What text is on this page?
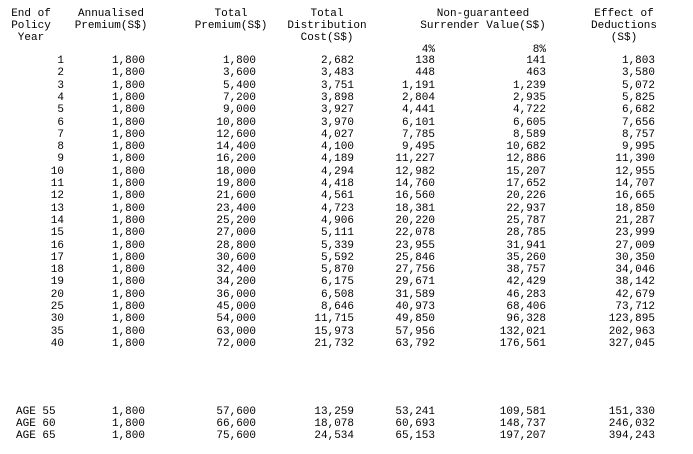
End of
Policy
Year
Annualised
Premium(S$)
Total
Premium(S$)
Total
Distribution
Cost(S$)
Non-guaranteed
Surrender Value(S$)
Effect of
Deductions
(S$)
4%	8%
1	1,800	1,800	2,682	138	141	1,803
2	1,800	3,600	3,483	448	463	3,580
3	1,800	5,400	3,751	1,191	1,239	5,072
4	1,800	7,200	3,898	2,804	2,935	5,825
5	1,800	9,000	3,927	4,441	4,722	6,682
6	1,800	10,800	3,970	6,101	6,605	7,656
7	1,800	12,600	4,027	7,785	8,589	8,757
8	1,800	14,400	4,100	9,495	10,682	9,995
9	1,800	16,200	4,189	11,227	12,886	11,390
10	1,800	18,000	4,294	12,982	15,207	12,955
11	1,800	19,800	4,418	14,760	17,652	14,707
12	1,800	21,600	4,561	16,560	20,226	16,665
13	1,800	23,400	4,723	18,381	22,937	18,850
14	1,800	25,200	4,906	20,220	25,787	21,287
15	1,800	27,000	5,111	22,078	28,785	23,999
16	1,800	28,800	5,339	23,955	31,941	27,009
17	1,800	30,600	5,592	25,846	35,260	30,350
18	1,800	32,400	5,870	27,756	38,757	34,046
19	1,800	34,200	6,175	29,671	42,429	38,142
20	1,800	36,000	6,508	31,589	46,283	42,679
25	1,800	45,000	8,646	40,973	68,406	73,712
30	1,800	54,000	11,715	49,850	96,328	123,895
35	1,800	63,000	15,973	57,956	132,021	202,963
40	1,800	72,000	21,732	63,792	176,561	327,045
AGE 55	1,800	57,600	13,259	53,241	109,581	151,330
AGE 60	1,800	66,600	18,078	60,693	148,737	246,032
AGE 65	1,800	75,600	24,534	65,153	197,207	394,243
